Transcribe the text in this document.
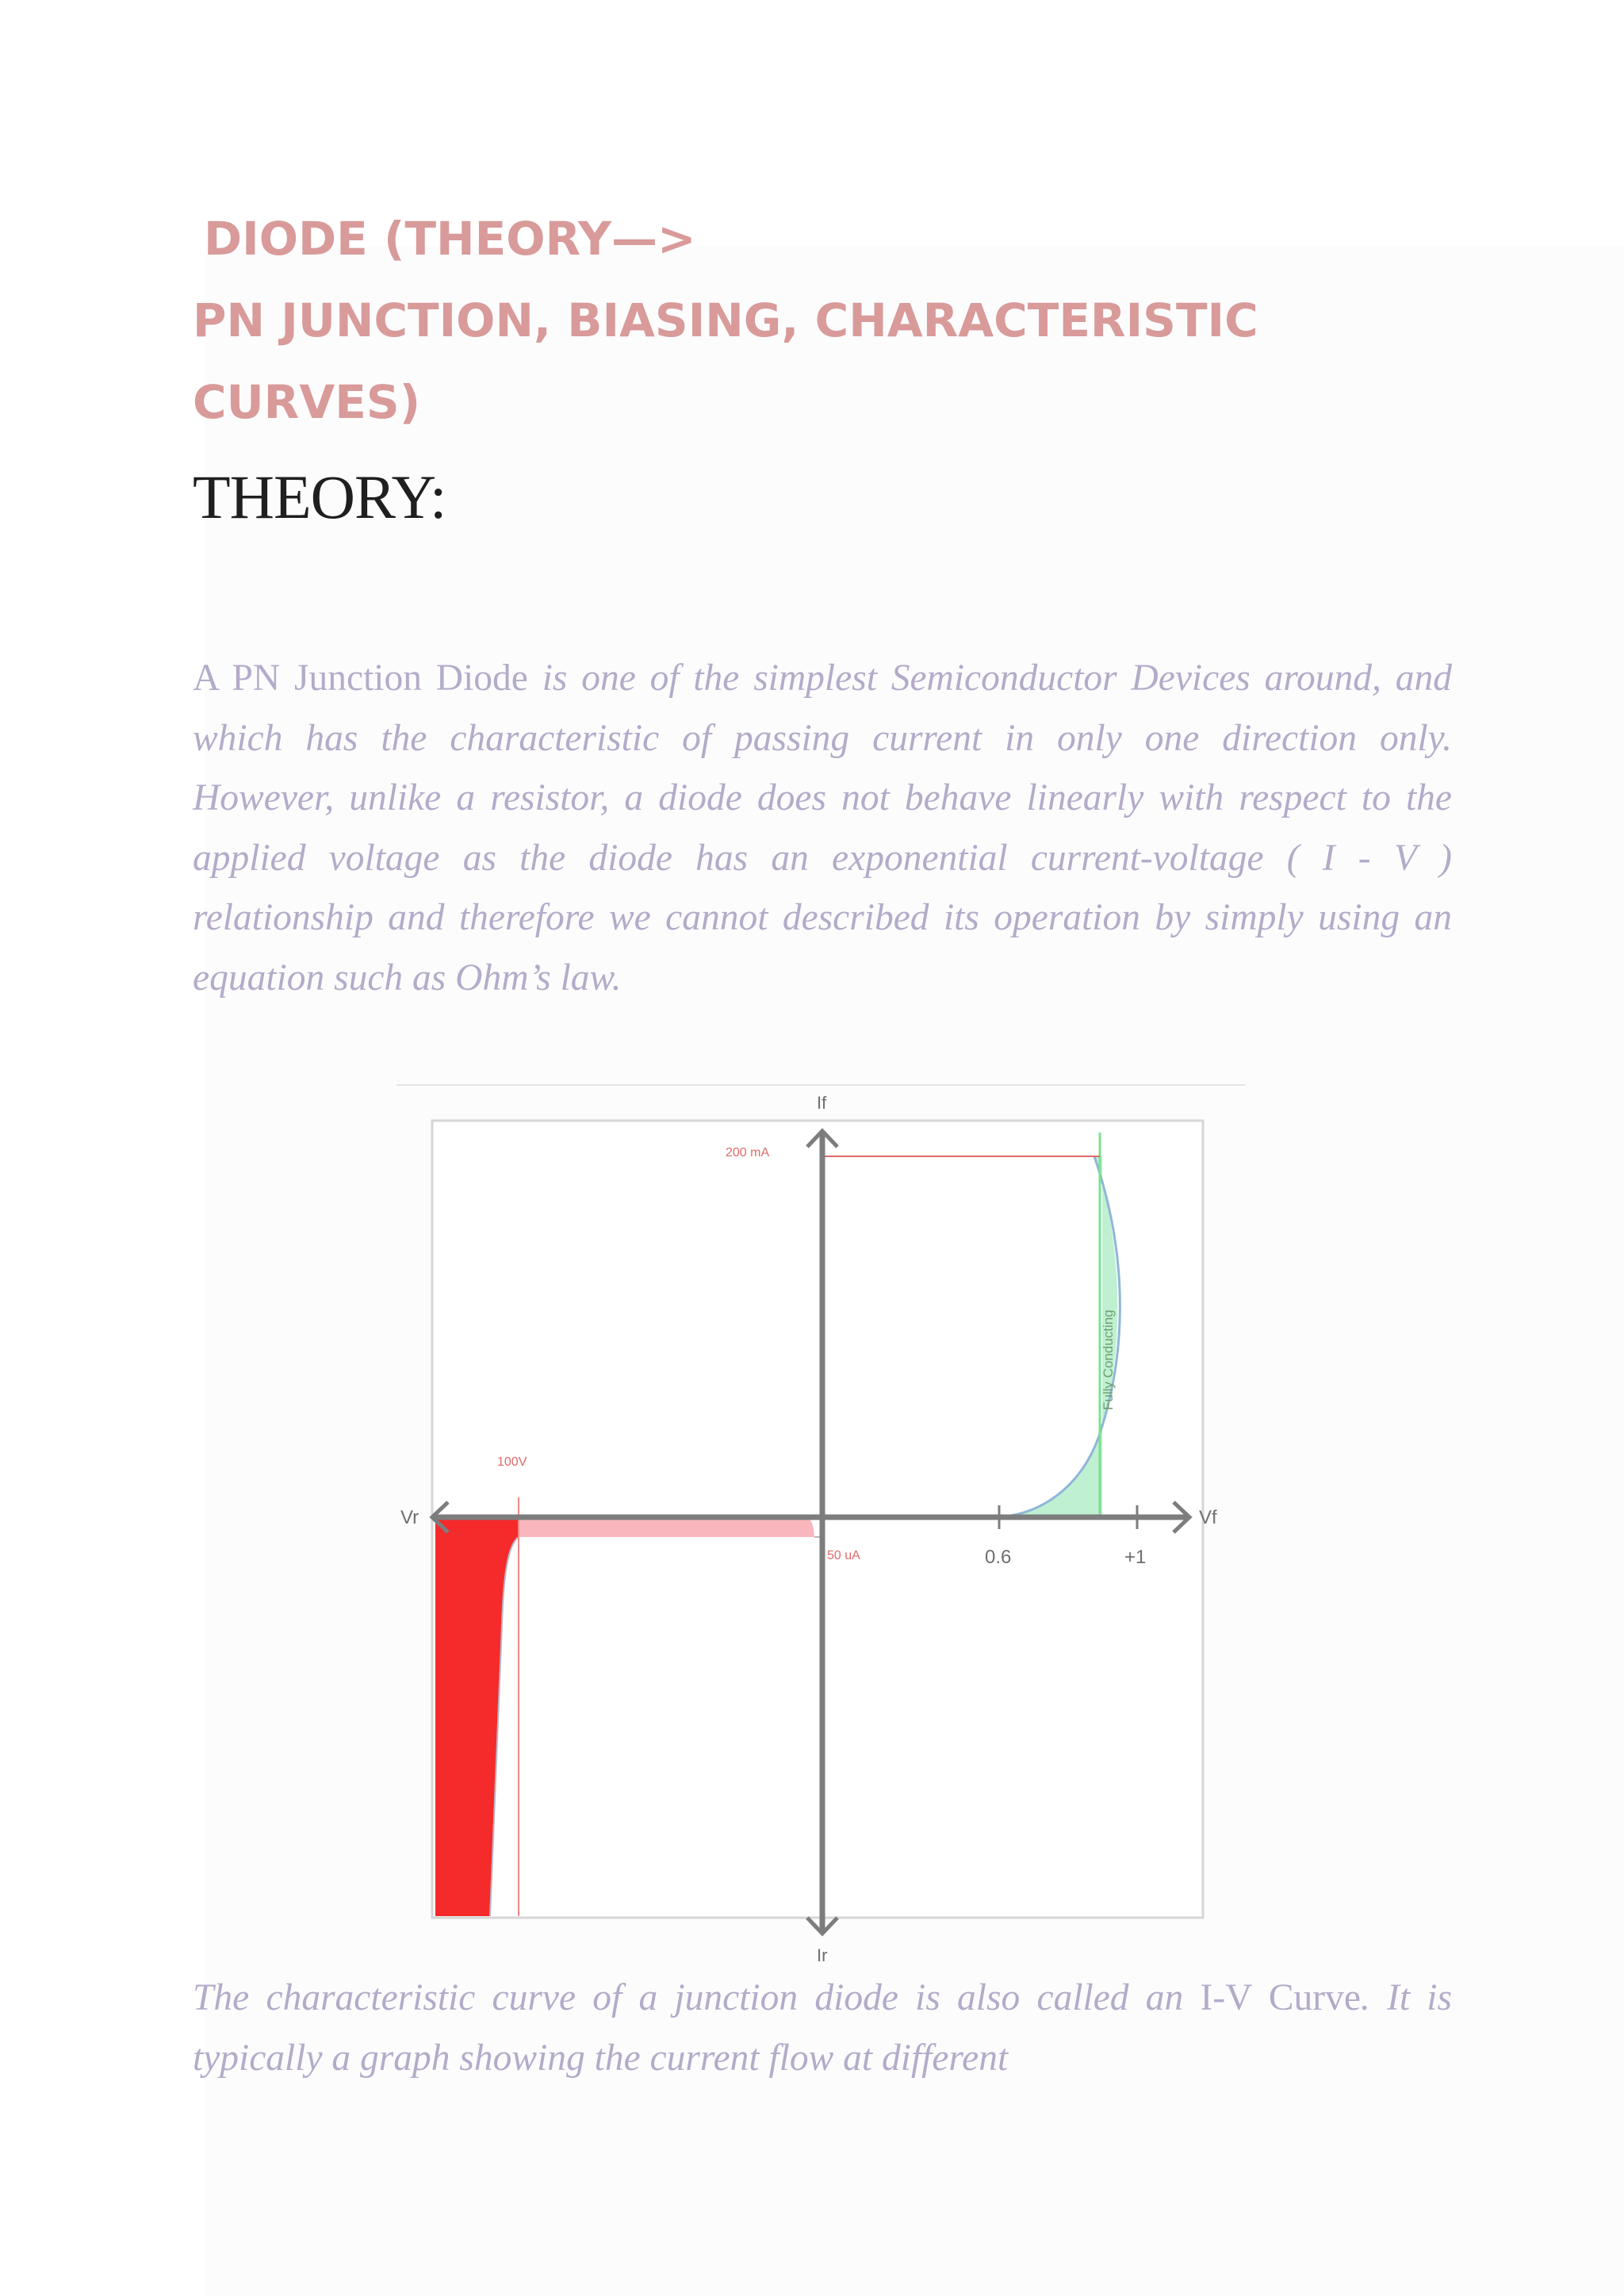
DIODE (THEORY—>
PN JUNCTION, BIASING, CHARACTERISTIC
CURVES)
THEORY:
A PN Junction Diode is one of the simplest Semiconductor Devices around, and which has the characteristic of passing current in only one direction only. However, unlike a resistor, a diode does not behave linearly with respect to the applied voltage as the diode has an exponential current-voltage ( I - V ) relationship and therefore we cannot described its operation by simply using an equation such as Ohm’s law.
If
Ir
Vr	Vf
200 mA
50 uA
100V
0.6	+1
Fully Conducting
The characteristic curve of a junction diode is also called an I-V Curve. It is typically a graph showing the current flow at different
